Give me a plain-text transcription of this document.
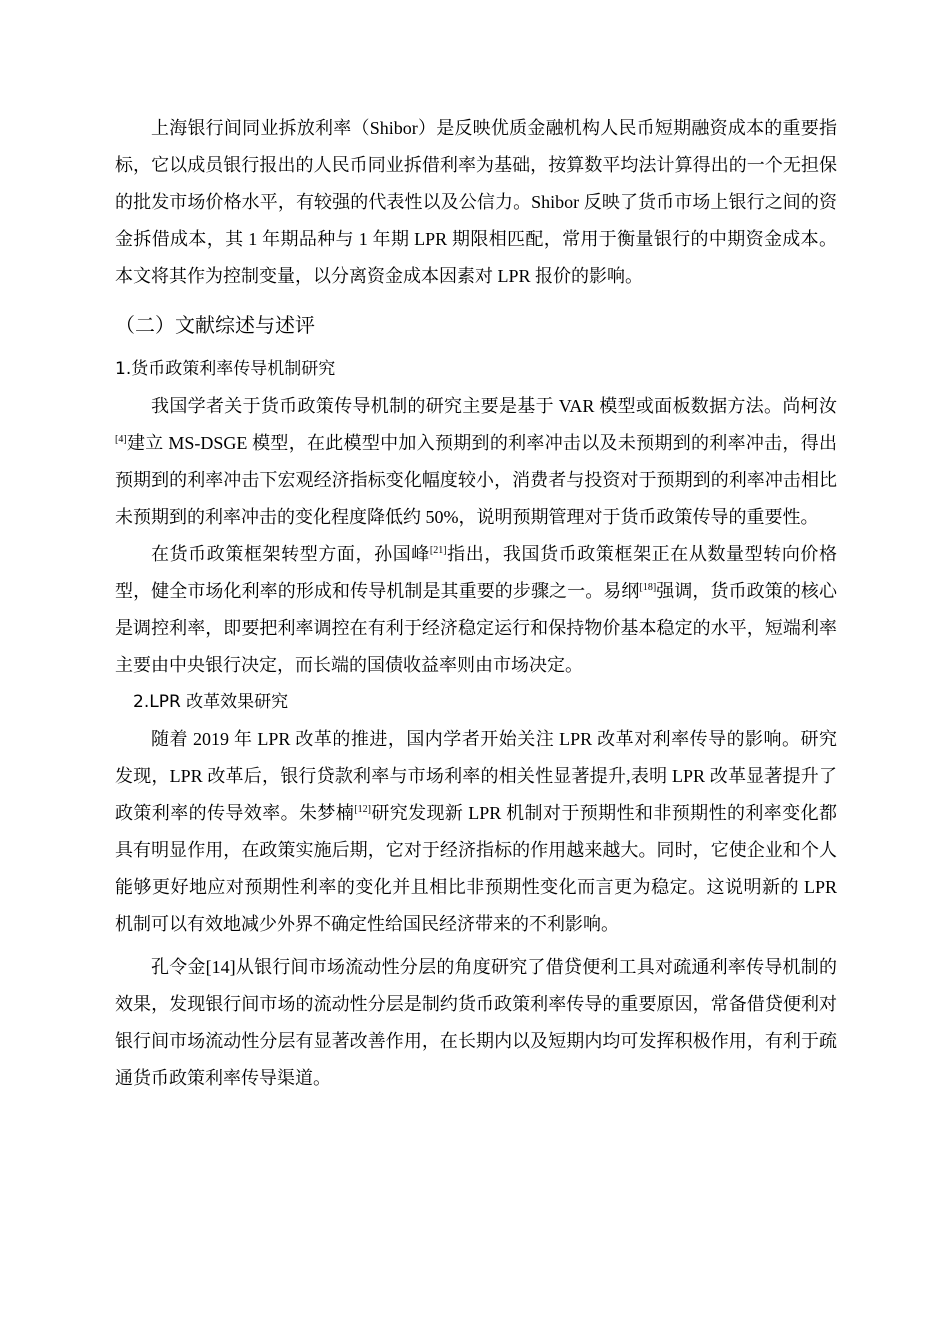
上海银行间同业拆放利率（Shibor）是反映优质金融机构人民币短期融资成本的重要指标，它以成员银行报出的人民币同业拆借利率为基础，按算数平均法计算得出的一个无担保的批发市场价格水平，有较强的代表性以及公信力。Shibor 反映了货币市场上银行之间的资金拆借成本，其 1 年期品种与 1 年期 LPR 期限相匹配，常用于衡量银行的中期资金成本。本文将其作为控制变量，以分离资金成本因素对 LPR 报价的影响。

（二）文献综述与述评
1.货币政策利率传导机制研究

我国学者关于货币政策传导机制的研究主要是基于 VAR 模型或面板数据方法。尚柯汝[4]建立 MS-DSGE 模型，在此模型中加入预期到的利率冲击以及未预期到的利率冲击，得出预期到的利率冲击下宏观经济指标变化幅度较小，消费者与投资对于预期到的利率冲击相比未预期到的利率冲击的变化程度降低约 50%，说明预期管理对于货币政策传导的重要性。

在货币政策框架转型方面，孙国峰[21]指出，我国货币政策框架正在从数量型转向价格型，健全市场化利率的形成和传导机制是其重要的步骤之一。易纲[18]强调，货币政策的核心是调控利率，即要把利率调控在有利于经济稳定运行和保持物价基本稳定的水平，短端利率主要由中央银行决定，而长端的国债收益率则由市场决定。

2.LPR 改革效果研究

随着 2019 年 LPR 改革的推进，国内学者开始关注 LPR 改革对利率传导的影响。研究发现，LPR 改革后，银行贷款利率与市场利率的相关性显著提升,表明 LPR 改革显著提升了政策利率的传导效率。朱梦楠[12]研究发现新 LPR 机制对于预期性和非预期性的利率变化都具有明显作用，在政策实施后期，它对于经济指标的作用越来越大。同时，它使企业和个人能够更好地应对预期性利率的变化并且相比非预期性变化而言更为稳定。这说明新的 LPR 机制可以有效地减少外界不确定性给国民经济带来的不利影响。

孔令金[14]从银行间市场流动性分层的角度研究了借贷便利工具对疏通利率传导机制的效果，发现银行间市场的流动性分层是制约货币政策利率传导的重要原因，常备借贷便利对银行间市场流动性分层有显著改善作用，在长期内以及短期内均可发挥积极作用，有利于疏通货币政策利率传导渠道。
